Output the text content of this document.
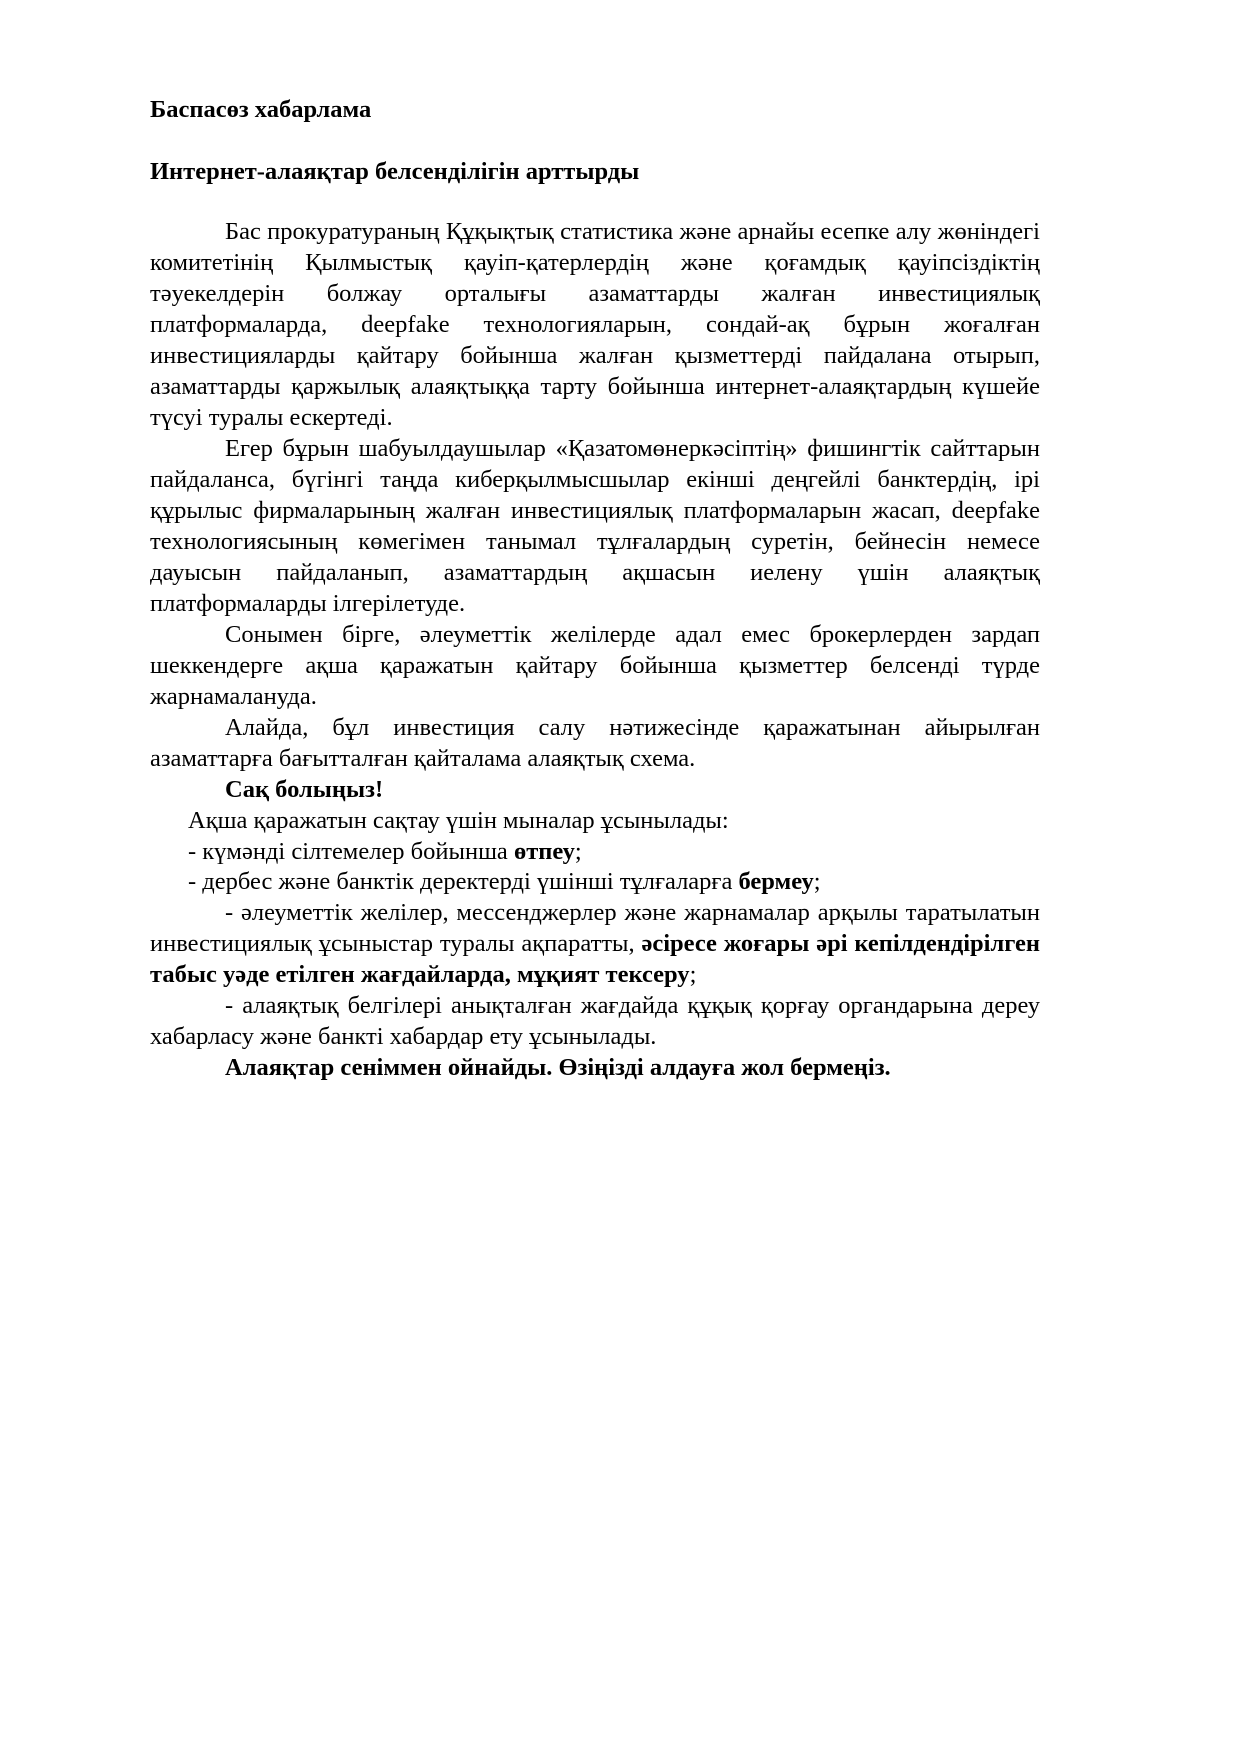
Баспасөз хабарлама
Интернет-алаяқтар белсенділігін арттырды

Бас прокуратураның Құқықтық статистика және арнайы есепке алу жөніндегі комитетінің Қылмыстық қауіп-қатерлердің және қоғамдық қауіпсіздіктің тәуекелдерін болжау орталығы азаматтарды жалған инвестициялық платформаларда, deepfake технологияларын, сондай-ақ бұрын жоғалған инвестицияларды қайтару бойынша жалған қызметтерді пайдалана отырып, азаматтарды қаржылық алаяқтыққа тарту бойынша интернет-алаяқтардың күшейе түсуі туралы ескертеді.

Егер бұрын шабуылдаушылар «Қазатомөнеркәсіптің» фишингтік сайттарын пайдаланса, бүгінгі таңда киберқылмысшылар екінші деңгейлі банктердің, ірі құрылыс фирмаларының жалған инвестициялық платформаларын жасап, deepfake технологиясының көмегімен танымал тұлғалардың суретін, бейнесін немесе дауысын пайдаланып, азаматтардың ақшасын иелену үшін алаяқтық платформаларды ілгерілетуде.

Сонымен бірге, әлеуметтік желілерде адал емес брокерлерден зардап шеккендерге ақша қаражатын қайтару бойынша қызметтер белсенді түрде жарнамалануда.

Алайда, бұл инвестиция салу нәтижесінде қаражатынан айырылған азаматтарға бағытталған қайталама алаяқтық схема.

Сақ болыңыз!

Ақша қаражатын сақтау үшін мыналар ұсынылады:

- күмәнді сілтемелер бойынша өтпеу;

- дербес және банктік деректерді үшінші тұлғаларға бермеу;

- әлеуметтік желілер, мессенджерлер және жарнамалар арқылы таратылатын инвестициялық ұсыныстар туралы ақпаратты, әсіресе жоғары әрі кепілдендірілген табыс уәде етілген жағдайларда, мұқият тексеру;

- алаяқтық белгілері анықталған жағдайда құқық қорғау органдарына дереу хабарласу және банкті хабардар ету ұсынылады.

Алаяқтар сеніммен ойнайды. Өзіңізді алдауға жол бермеңіз.
